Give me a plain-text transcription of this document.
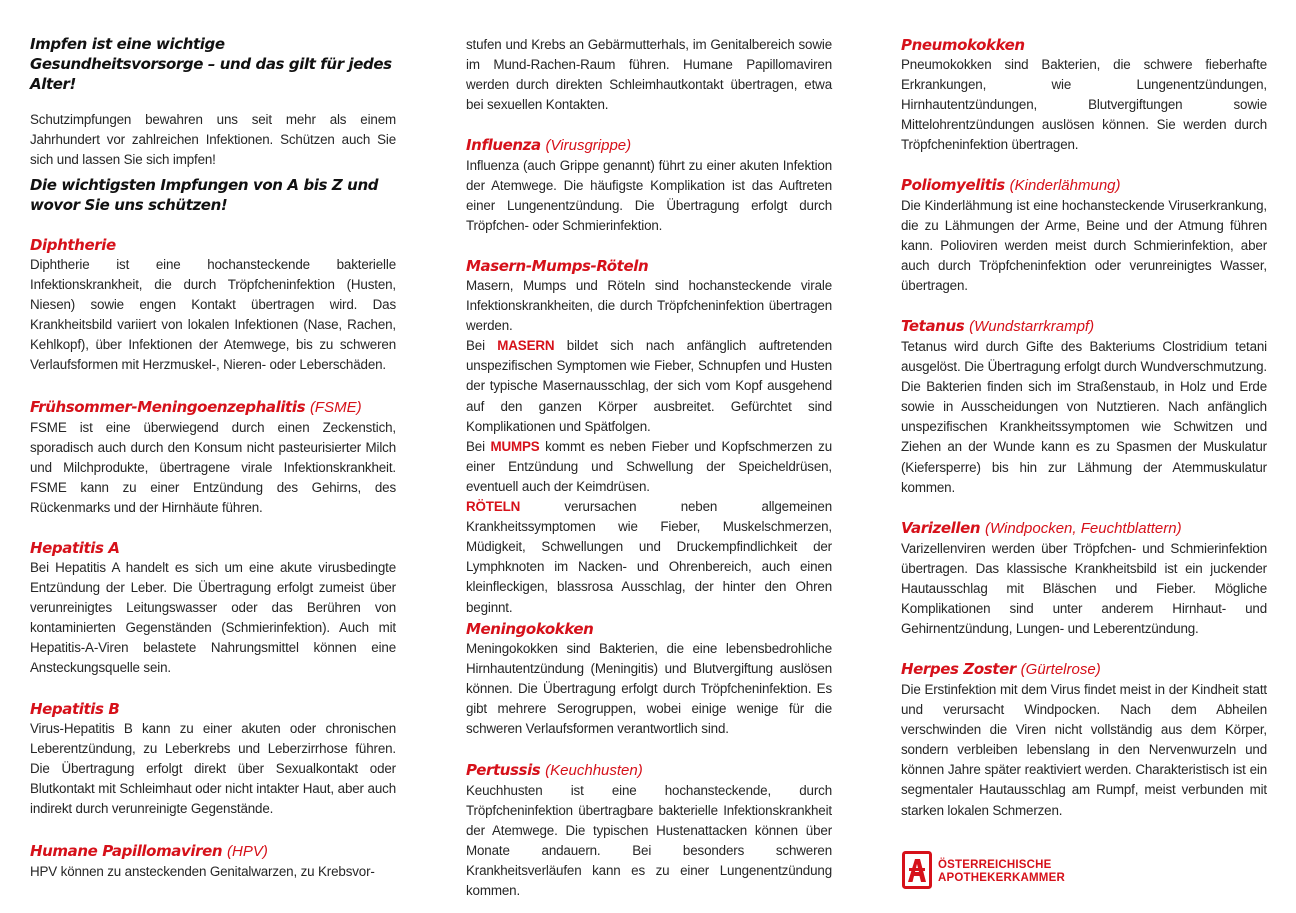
Impfen ist eine wichtige Gesundheitsvorsorge – und das gilt für jedes Alter!

Schutzimpfungen bewahren uns seit mehr als einem Jahrhundert vor zahlreichen Infektionen. Schützen auch Sie sich und lassen Sie sich impfen!

Die wichtigsten Impfungen von A bis Z und wovor Sie uns schützen!
Diphtherie

Diphtherie ist eine hochansteckende bakterielle Infektionskrankheit, die durch Tröpfcheninfektion (Husten, Niesen) sowie engen Kontakt übertragen wird. Das Krankheitsbild variiert von lokalen Infektionen (Nase, Rachen, Kehlkopf), über Infektionen der Atemwege, bis zu schweren Verlaufsformen mit Herzmuskel-, Nieren- oder Leberschäden.

Frühsommer-Meningoenzephalitis (FSME)

FSME ist eine überwiegend durch einen Zeckenstich, sporadisch auch durch den Konsum nicht pasteurisierter Milch und Milchprodukte, übertragene virale Infektionskrankheit. FSME kann zu einer Entzündung des Gehirns, des Rückenmarks und der Hirnhäute führen.

Hepatitis A

Bei Hepatitis A handelt es sich um eine akute virusbedingte Entzündung der Leber. Die Übertragung erfolgt zumeist über verunreinigtes Leitungswasser oder das Berühren von kontaminierten Gegenständen (Schmierinfektion). Auch mit Hepatitis-A-Viren belastete Nahrungsmittel können eine Ansteckungsquelle sein.

Hepatitis B

Virus-Hepatitis B kann zu einer akuten oder chronischen Leberentzündung, zu Leberkrebs und Leberzirrhose führen. Die Übertragung erfolgt direkt über Sexualkontakt oder Blutkontakt mit Schleimhaut oder nicht intakter Haut, aber auch indirekt durch verunreinigte Gegenstände.

Humane Papillomaviren (HPV)

HPV können zu ansteckenden Genitalwarzen, zu Krebsvor-

stufen und Krebs an Gebärmutterhals, im Genitalbereich sowie im Mund-Rachen-Raum führen. Humane Papillomaviren werden durch direkten Schleimhautkontakt übertragen, etwa bei sexuellen Kontakten.

Influenza (Virusgrippe)

Influenza (auch Grippe genannt) führt zu einer akuten Infektion der Atemwege. Die häufigste Komplikation ist das Auftreten einer Lungenentzündung. Die Übertragung erfolgt durch Tröpfchen- oder Schmierinfektion.

Masern-Mumps-Röteln

Masern, Mumps und Röteln sind hochansteckende virale Infektionskrankheiten, die durch Tröpfcheninfektion übertragen werden.

Bei MASERN bildet sich nach anfänglich auftretenden unspezifischen Symptomen wie Fieber, Schnupfen und Husten der typische Masernausschlag, der sich vom Kopf ausgehend auf den ganzen Körper ausbreitet. Gefürchtet sind Komplikationen und Spätfolgen.

Bei MUMPS kommt es neben Fieber und Kopfschmerzen zu einer Entzündung und Schwellung der Speicheldrüsen, eventuell auch der Keimdrüsen.

RÖTELN verursachen neben allgemeinen Krankheitssymptomen wie Fieber, Muskelschmerzen, Müdigkeit, Schwellungen und Druckempfindlichkeit der Lymphknoten im Nacken- und Ohrenbereich, auch einen kleinfleckigen, blassrosa Ausschlag, der hinter den Ohren beginnt.

Meningokokken

Meningokokken sind Bakterien, die eine lebensbedrohliche Hirnhautentzündung (Meningitis) und Blutvergiftung auslösen können. Die Übertragung erfolgt durch Tröpfcheninfektion. Es gibt mehrere Serogruppen, wobei einige wenige für die schweren Verlaufsformen verantwortlich sind.

Pertussis (Keuchhusten)

Keuchhusten ist eine hochansteckende, durch Tröpfcheninfektion übertragbare bakterielle Infektionskrankheit der Atemwege. Die typischen Hustenattacken können über Monate andauern. Bei besonders schweren Krankheitsverläufen kann es zu einer Lungenentzündung kommen.

Pneumokokken

Pneumokokken sind Bakterien, die schwere fieberhafte Erkrankungen, wie Lungenentzündungen, Hirnhautentzündungen, Blutvergiftungen sowie Mittelohrentzündungen auslösen können. Sie werden durch Tröpfcheninfektion übertragen.

Poliomyelitis (Kinderlähmung)

Die Kinderlähmung ist eine hochansteckende Viruserkrankung, die zu Lähmungen der Arme, Beine und der Atmung führen kann. Polioviren werden meist durch Schmierinfektion, aber auch durch Tröpfcheninfektion oder verunreinigtes Wasser, übertragen.

Tetanus (Wundstarrkrampf)

Tetanus wird durch Gifte des Bakteriums Clostridium tetani ausgelöst. Die Übertragung erfolgt durch Wundverschmutzung. Die Bakterien finden sich im Straßenstaub, in Holz und Erde sowie in Ausscheidungen von Nutztieren. Nach anfänglich unspezifischen Krankheitssymptomen wie Schwitzen und Ziehen an der Wunde kann es zu Spasmen der Muskulatur (Kiefersperre) bis hin zur Lähmung der Atemmuskulatur kommen.

Varizellen (Windpocken, Feuchtblattern)

Varizellenviren werden über Tröpfchen- und Schmierinfektion übertragen. Das klassische Krankheitsbild ist ein juckender Hautausschlag mit Bläschen und Fieber. Mögliche Komplikationen sind unter anderem Hirnhaut- und Gehirnentzündung, Lungen- und Leberentzündung.

Herpes Zoster (Gürtelrose)

Die Erstinfektion mit dem Virus findet meist in der Kindheit statt und verursacht Windpocken. Nach dem Abheilen verschwinden die Viren nicht vollständig aus dem Körper, sondern verbleiben lebenslang in den Nervenwurzeln und können Jahre später reaktiviert werden. Charakteristisch ist ein segmentaler Hautausschlag am Rumpf, meist verbunden mit starken lokalen Schmerzen.

ÖSTERREICHISCHE
APOTHEKERKAMMER
